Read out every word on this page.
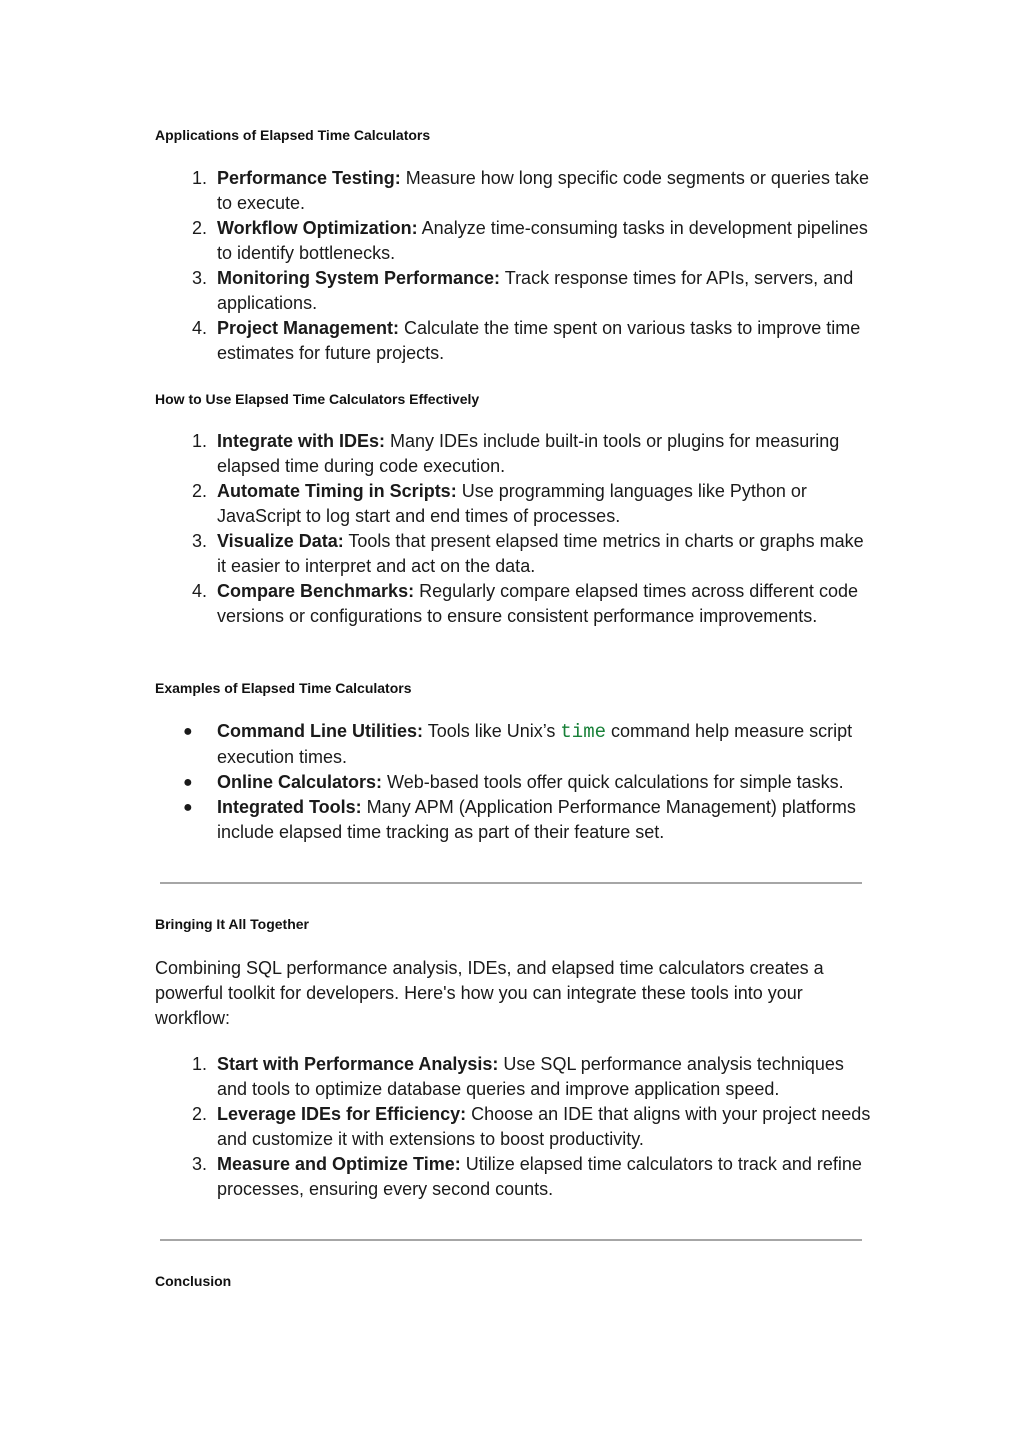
Applications of Elapsed Time Calculators
1. Performance Testing: Measure how long specific code segments or queries take to execute.
2. Workflow Optimization: Analyze time-consuming tasks in development pipelines to identify bottlenecks.
3. Monitoring System Performance: Track response times for APIs, servers, and applications.
4. Project Management: Calculate the time spent on various tasks to improve time estimates for future projects.
How to Use Elapsed Time Calculators Effectively
1. Integrate with IDEs: Many IDEs include built-in tools or plugins for measuring elapsed time during code execution.
2. Automate Timing in Scripts: Use programming languages like Python or JavaScript to log start and end times of processes.
3. Visualize Data: Tools that present elapsed time metrics in charts or graphs make it easier to interpret and act on the data.
4. Compare Benchmarks: Regularly compare elapsed times across different code versions or configurations to ensure consistent performance improvements.
Examples of Elapsed Time Calculators
● Command Line Utilities: Tools like Unix’s time command help measure script execution times.
● Online Calculators: Web-based tools offer quick calculations for simple tasks.
● Integrated Tools: Many APM (Application Performance Management) platforms include elapsed time tracking as part of their feature set.
Bringing It All Together

Combining SQL performance analysis, IDEs, and elapsed time calculators creates a powerful toolkit for developers. Here's how you can integrate these tools into your workflow:

1. Start with Performance Analysis: Use SQL performance analysis techniques and tools to optimize database queries and improve application speed.
2. Leverage IDEs for Efficiency: Choose an IDE that aligns with your project needs and customize it with extensions to boost productivity.
3. Measure and Optimize Time: Utilize elapsed time calculators to track and refine processes, ensuring every second counts.
Conclusion
